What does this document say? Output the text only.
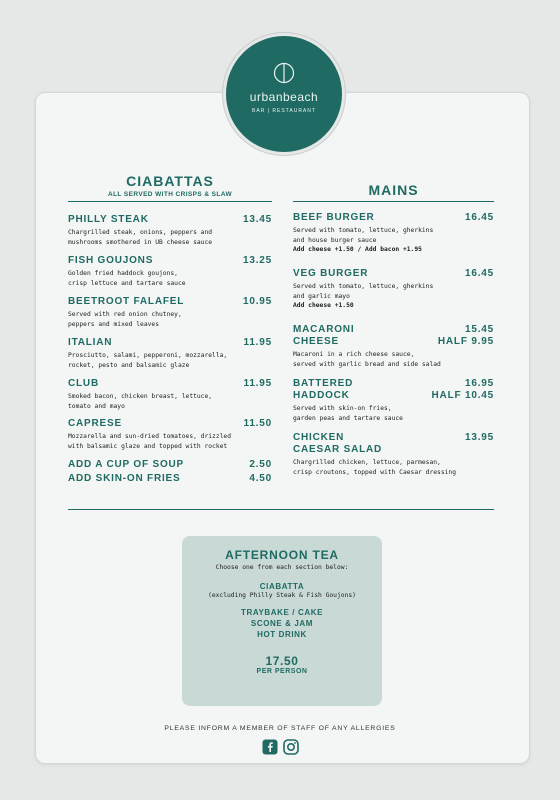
urbanbeach
BAR | RESTAURANT
CIABATTAS
ALL SERVED WITH CRISPS & SLAW
PHILLY STEAK	13.45
Chargrilled steak, onions, peppers and
mushrooms smothered in UB cheese sauce
FISH GOUJONS	13.25
Golden fried haddock goujons,
crisp lettuce and tartare sauce
BEETROOT FALAFEL	10.95
Served with red onion chutney,
peppers and mixed leaves
ITALIAN	11.95
Prosciutto, salami, pepperoni, mozzarella,
rocket, pesto and balsamic glaze
CLUB	11.95
Smoked bacon, chicken breast, lettuce,
tomato and mayo
CAPRESE	11.50
Mozzarella and sun-dried tomatoes, drizzled
with balsamic glaze and topped with rocket
ADD A CUP OF SOUP	2.50
ADD SKIN-ON FRIES	4.50
MAINS
BEEF BURGER	16.45
Served with tomato, lettuce, gherkins
and house burger sauce
Add cheese +1.50 / Add bacon +1.95
VEG BURGER	16.45
Served with tomato, lettuce, gherkins
and garlic mayo
Add cheese +1.50
MACARONI	15.45
CHEESE	HALF 9.95
Macaroni in a rich cheese sauce,
served with garlic bread and side salad
BATTERED	16.95
HADDOCK	HALF 10.45
Served with skin-on fries,
garden peas and tartare sauce
CHICKEN	13.95
CAESAR SALAD
Chargrilled chicken, lettuce, parmesan,
crisp croutons, topped with Caesar dressing
AFTERNOON TEA
Choose one from each section below:
CIABATTA
(excluding Philly Steak & Fish Goujons)
TRAYBAKE / CAKE
SCONE & JAM
HOT DRINK
17.50
PER PERSON
PLEASE INFORM A MEMBER OF STAFF OF ANY ALLERGIES
